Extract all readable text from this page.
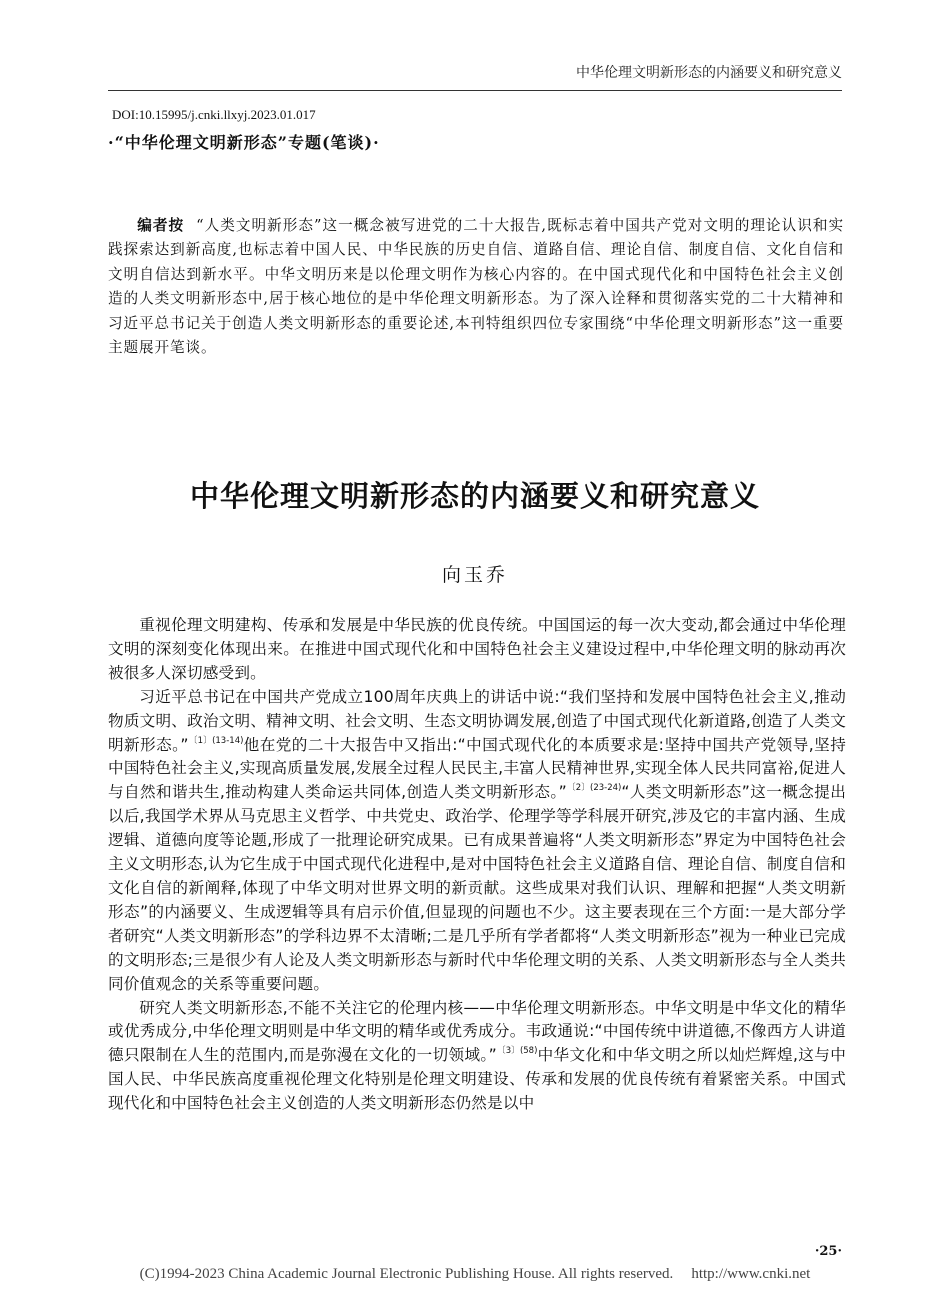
中华伦理文明新形态的内涵要义和研究意义
DOI:10.15995/j.cnki.llxyj.2023.01.017
·“中华伦理文明新形态”专题(笔谈)·

编者按 “人类文明新形态”这一概念被写进党的二十大报告,既标志着中国共产党对文明的理论认识和实践探索达到新高度,也标志着中国人民、中华民族的历史自信、道路自信、理论自信、制度自信、文化自信和文明自信达到新水平。中华文明历来是以伦理文明作为核心内容的。在中国式现代化和中国特色社会主义创造的人类文明新形态中,居于核心地位的是中华伦理文明新形态。为了深入诠释和贯彻落实党的二十大精神和习近平总书记关于创造人类文明新形态的重要论述,本刊特组织四位专家围绕“中华伦理文明新形态”这一重要主题展开笔谈。

中华伦理文明新形态的内涵要义和研究意义
向玉乔

重视伦理文明建构、传承和发展是中华民族的优良传统。中国国运的每一次大变动,都会通过中华伦理文明的深刻变化体现出来。在推进中国式现代化和中国特色社会主义建设过程中,中华伦理文明的脉动再次被很多人深切感受到。

习近平总书记在中国共产党成立100周年庆典上的讲话中说:“我们坚持和发展中国特色社会主义,推动物质文明、政治文明、精神文明、社会文明、生态文明协调发展,创造了中国式现代化新道路,创造了人类文明新形态。”$^{〔1〕(13-14)}$他在党的二十大报告中又指出:“中国式现代化的本质要求是:坚持中国共产党领导,坚持中国特色社会主义,实现高质量发展,发展全过程人民民主,丰富人民精神世界,实现全体人民共同富裕,促进人与自然和谐共生,推动构建人类命运共同体,创造人类文明新形态。”$^{〔2〕(23-24)}$“人类文明新形态”这一概念提出以后,我国学术界从马克思主义哲学、中共党史、政治学、伦理学等学科展开研究,涉及它的丰富内涵、生成逻辑、道德向度等论题,形成了一批理论研究成果。已有成果普遍将“人类文明新形态”界定为中国特色社会主义文明形态,认为它生成于中国式现代化进程中,是对中国特色社会主义道路自信、理论自信、制度自信和文化自信的新阐释,体现了中华文明对世界文明的新贡献。这些成果对我们认识、理解和把握“人类文明新形态”的内涵要义、生成逻辑等具有启示价值,但显现的问题也不少。这主要表现在三个方面:一是大部分学者研究“人类文明新形态”的学科边界不太清晰;二是几乎所有学者都将“人类文明新形态”视为一种业已完成的文明形态;三是很少有人论及人类文明新形态与新时代中华伦理文明的关系、人类文明新形态与全人类共同价值观念的关系等重要问题。

研究人类文明新形态,不能不关注它的伦理内核——中华伦理文明新形态。中华文明是中华文化的精华或优秀成分,中华伦理文明则是中华文明的精华或优秀成分。韦政通说:“中国传统中讲道德,不像西方人讲道德只限制在人生的范围内,而是弥漫在文化的一切领域。”$^{〔3〕(58)}$中华文化和中华文明之所以灿烂辉煌,这与中国人民、中华民族高度重视伦理文化特别是伦理文明建设、传承和发展的优良传统有着紧密关系。中国式现代化和中国特色社会主义创造的人类文明新形态仍然是以中

·25·
(C)1994-2023 China Academic Journal Electronic Publishing House. All rights reserved. http://www.cnki.net
